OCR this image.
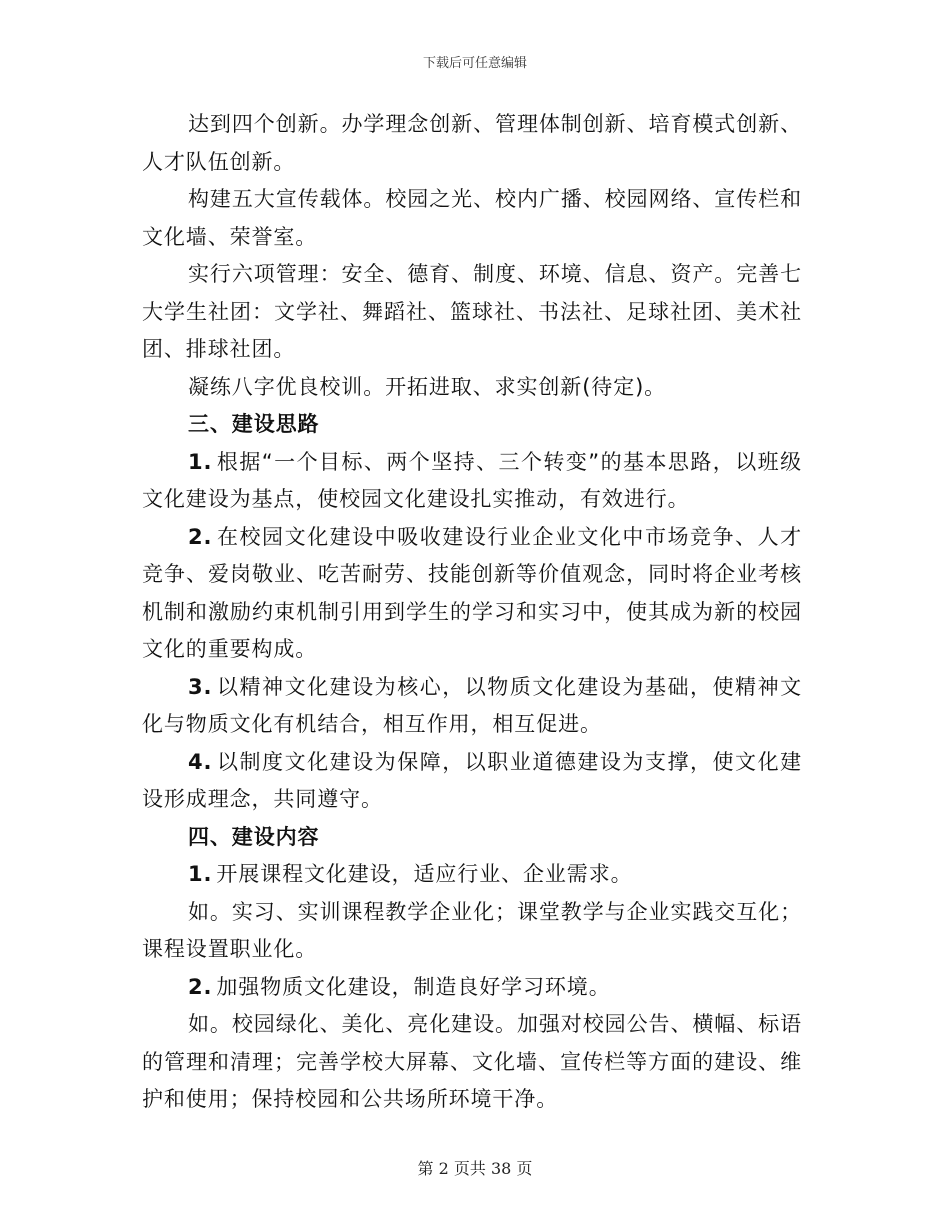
下载后可任意编辑

达到四个创新。办学理念创新、管理体制创新、培育模式创新、人才队伍创新。

构建五大宣传载体。校园之光、校内广播、校园网络、宣传栏和文化墙、荣誉室。

实行六项管理：安全、德育、制度、环境、信息、资产。完善七大学生社团：文学社、舞蹈社、篮球社、书法社、足球社团、美术社团、排球社团。

凝练八字优良校训。开拓进取、求实创新(待定)。

三、建设思路

1. 根据“一个目标、两个坚持、三个转变”的基本思路，以班级文化建设为基点，使校园文化建设扎实推动，有效进行。

2. 在校园文化建设中吸收建设行业企业文化中市场竞争、人才竞争、爱岗敬业、吃苦耐劳、技能创新等价值观念，同时将企业考核机制和激励约束机制引用到学生的学习和实习中，使其成为新的校园文化的重要构成。

3. 以精神文化建设为核心，以物质文化建设为基础，使精神文化与物质文化有机结合，相互作用，相互促进。

4. 以制度文化建设为保障，以职业道德建设为支撑，使文化建设形成理念，共同遵守。

四、建设内容

1. 开展课程文化建设，适应行业、企业需求。

如。实习、实训课程教学企业化；课堂教学与企业实践交互化；课程设置职业化。

2. 加强物质文化建设，制造良好学习环境。

如。校园绿化、美化、亮化建设。加强对校园公告、横幅、标语的管理和清理；完善学校大屏幕、文化墙、宣传栏等方面的建设、维护和使用；保持校园和公共场所环境干净。

第 2 页共 38 页
